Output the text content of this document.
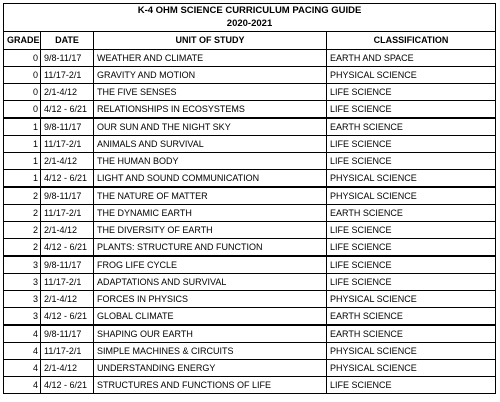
K-4 OHM SCIENCE CURRICULUM PACING GUIDE			
2020-2021			
GRADE	DATE	UNIT OF STUDY	CLASSIFICATION
0	9/8-11/17	WEATHER AND CLIMATE	EARTH AND SPACE
0	11/17-2/1	GRAVITY AND MOTION	PHYSICAL SCIENCE
0	2/1-4/12	THE FIVE SENSES	LIFE SCIENCE
0	4/12 - 6/21	RELATIONSHIPS IN ECOSYSTEMS	LIFE SCIENCE
1	9/8-11/17	OUR SUN AND THE NIGHT SKY	EARTH SCIENCE
1	11/17-2/1	ANIMALS AND SURVIVAL	LIFE SCIENCE
1	2/1-4/12	THE HUMAN BODY	LIFE SCIENCE
1	4/12 - 6/21	LIGHT AND SOUND COMMUNICATION	PHYSICAL SCIENCE
2	9/8-11/17	THE NATURE OF MATTER	PHYSICAL SCIENCE
2	11/17-2/1	THE DYNAMIC EARTH	EARTH SCIENCE
2	2/1-4/12	THE DIVERSITY OF EARTH	LIFE SCIENCE
2	4/12 - 6/21	PLANTS: STRUCTURE AND FUNCTION	LIFE SCIENCE
3	9/8-11/17	FROG LIFE CYCLE	LIFE SCIENCE
3	11/17-2/1	ADAPTATIONS AND SURVIVAL	LIFE SCIENCE
3	2/1-4/12	FORCES IN PHYSICS	PHYSICAL SCIENCE
3	4/12 - 6/21	GLOBAL CLIMATE	EARTH SCIENCE
4	9/8-11/17	SHAPING OUR EARTH	EARTH SCIENCE
4	11/17-2/1	SIMPLE MACHINES & CIRCUITS	PHYSICAL SCIENCE
4	2/1-4/12	UNDERSTANDING ENERGY	PHYSICAL SCIENCE
4	4/12 - 6/21	STRUCTURES AND FUNCTIONS OF LIFE	LIFE SCIENCE
